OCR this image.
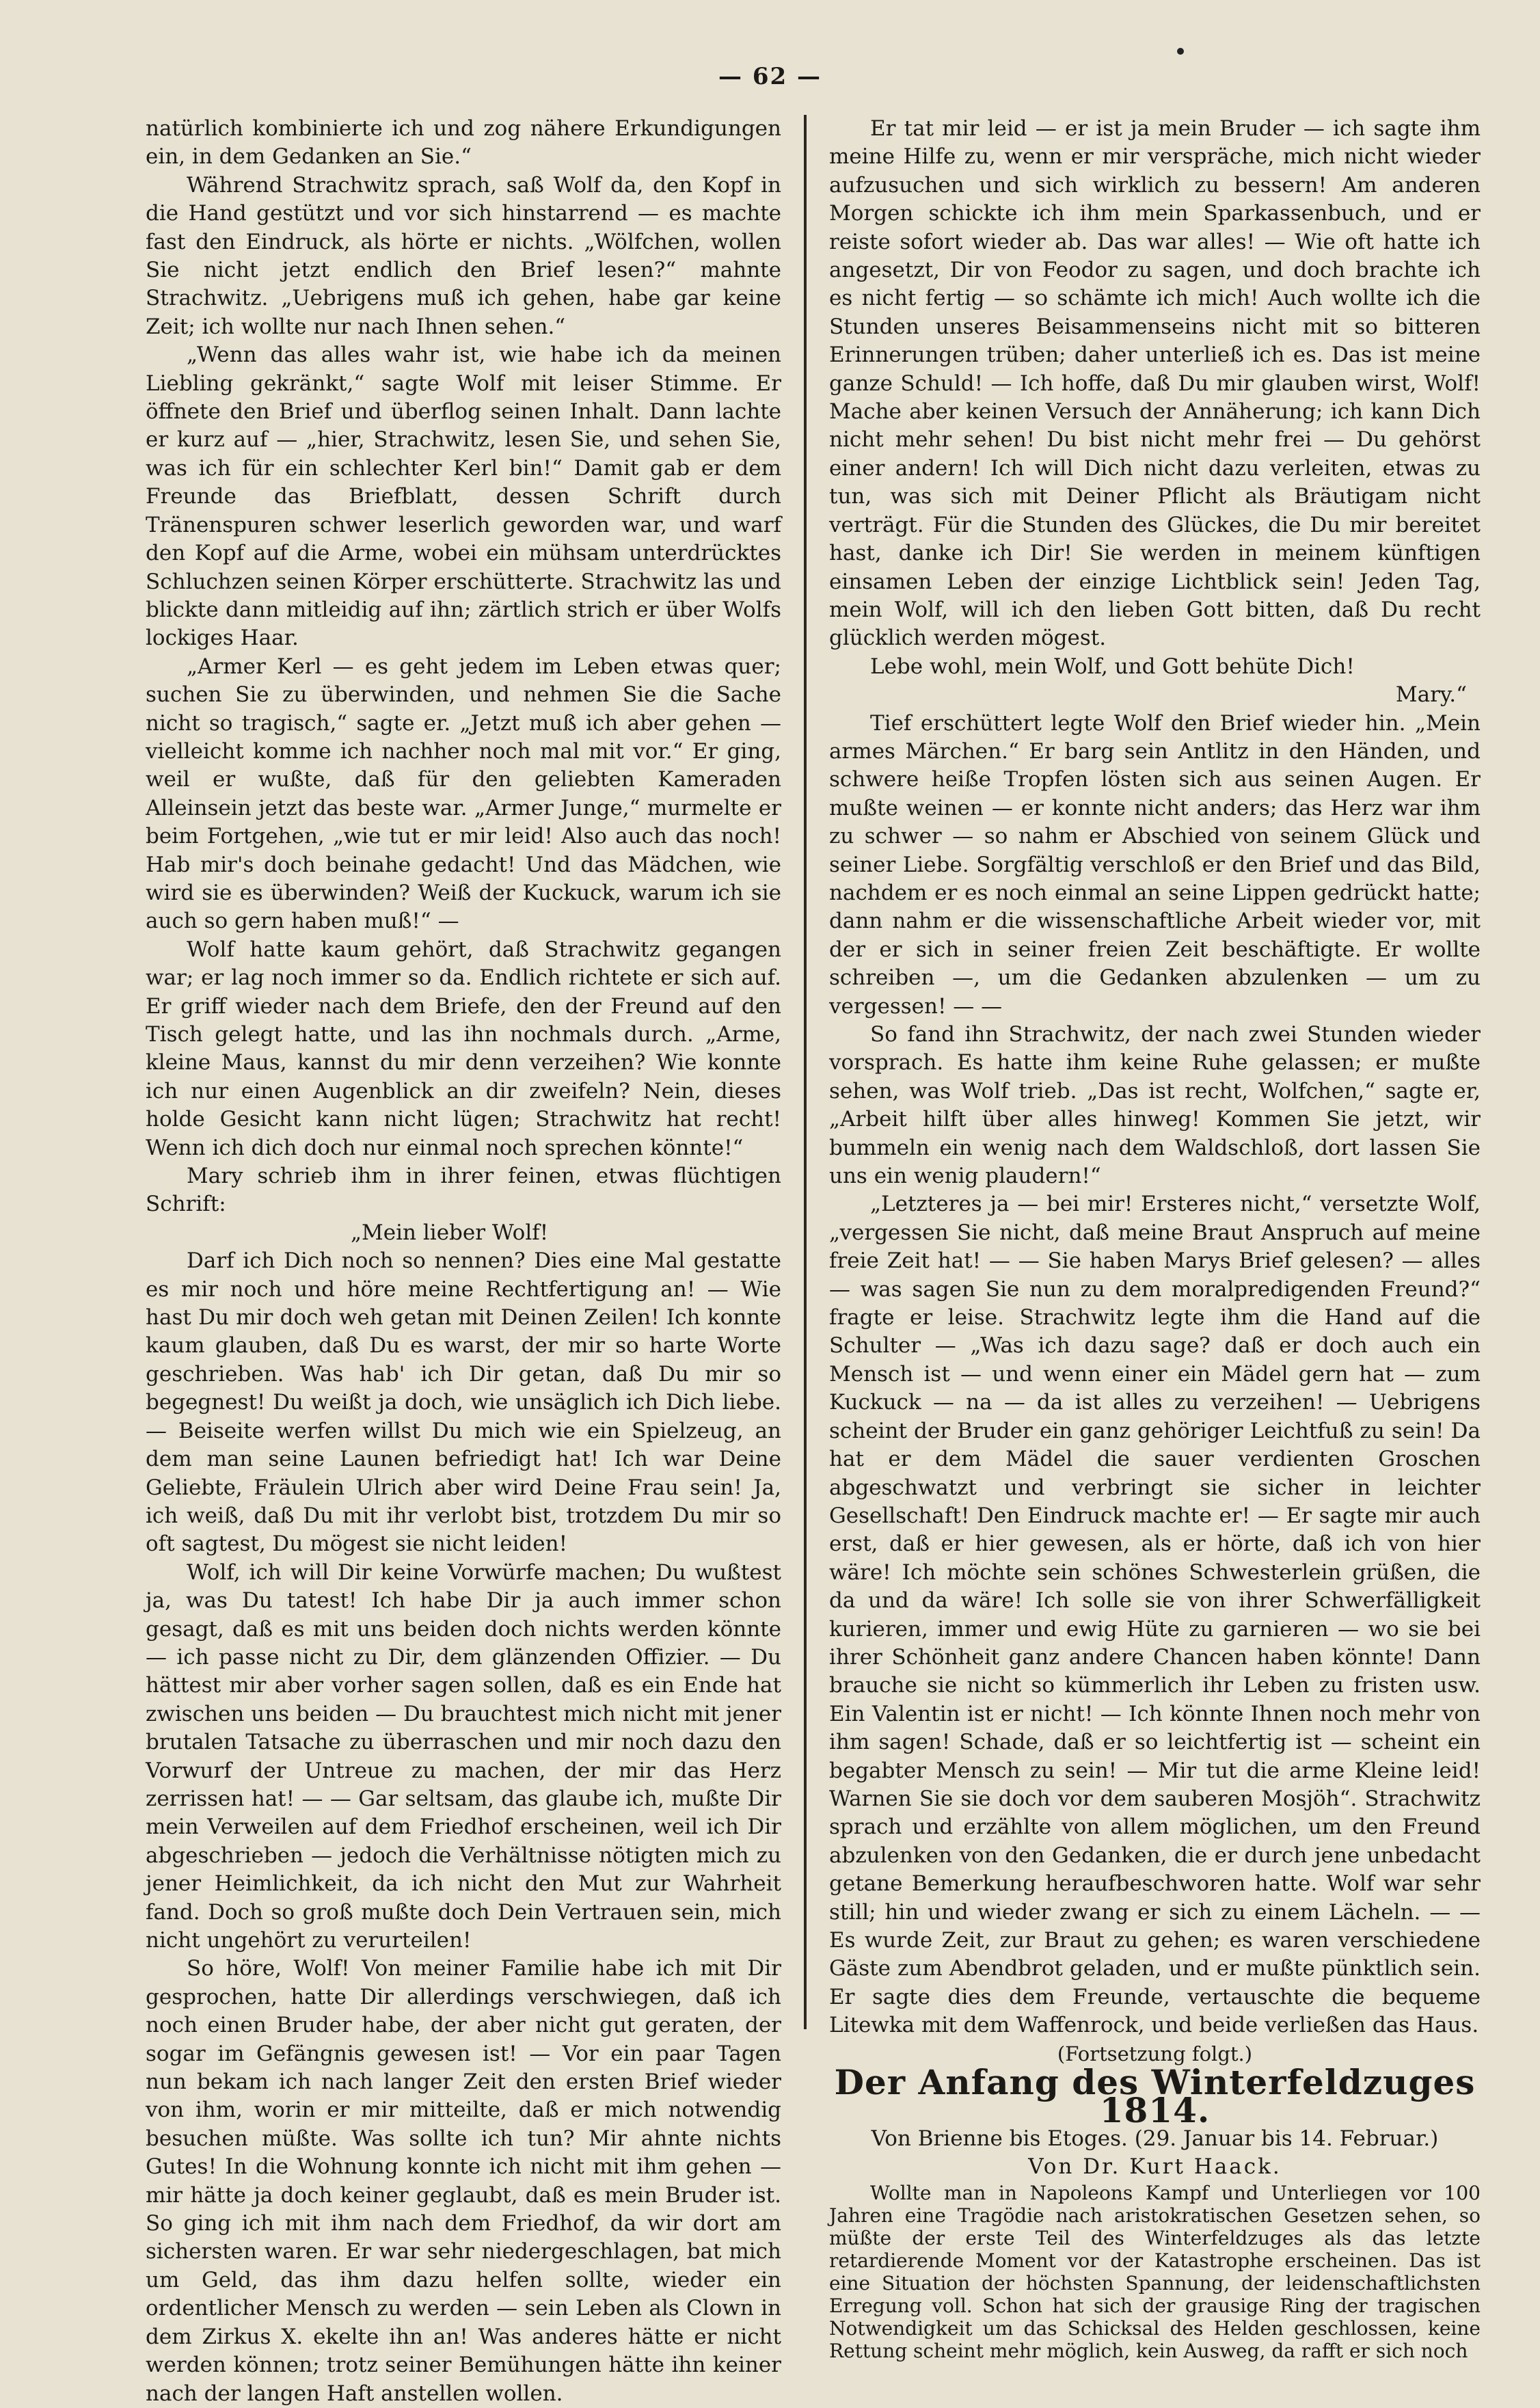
— 62 —

natürlich kombinierte ich und zog nähere Erkundigungen ein, in dem Gedanken an Sie.“

Während Strachwitz sprach, saß Wolf da, den Kopf in die Hand gestützt und vor sich hinstarrend — es machte fast den Eindruck, als hörte er nichts. „Wölfchen, wollen Sie nicht jetzt endlich den Brief lesen?“ mahnte Strachwitz. „Uebrigens muß ich gehen, habe gar keine Zeit; ich wollte nur nach Ihnen sehen.“

„Wenn das alles wahr ist, wie habe ich da meinen Liebling gekränkt,“ sagte Wolf mit leiser Stimme. Er öffnete den Brief und überflog seinen Inhalt. Dann lachte er kurz auf — „hier, Strachwitz, lesen Sie, und sehen Sie, was ich für ein schlechter Kerl bin!“ Damit gab er dem Freunde das Briefblatt, dessen Schrift durch Tränenspuren schwer leserlich geworden war, und warf den Kopf auf die Arme, wobei ein mühsam unterdrücktes Schluchzen seinen Körper erschütterte. Strachwitz las und blickte dann mitleidig auf ihn; zärtlich strich er über Wolfs lockiges Haar.

„Armer Kerl — es geht jedem im Leben etwas quer; suchen Sie zu überwinden, und nehmen Sie die Sache nicht so tragisch,“ sagte er. „Jetzt muß ich aber gehen — vielleicht komme ich nachher noch mal mit vor.“ Er ging, weil er wußte, daß für den geliebten Kameraden Alleinsein jetzt das beste war. „Armer Junge,“ murmelte er beim Fortgehen, „wie tut er mir leid! Also auch das noch! Hab mir's doch beinahe gedacht! Und das Mädchen, wie wird sie es überwinden? Weiß der Kuckuck, warum ich sie auch so gern haben muß!“ —

Wolf hatte kaum gehört, daß Strachwitz gegangen war; er lag noch immer so da. Endlich richtete er sich auf. Er griff wieder nach dem Briefe, den der Freund auf den Tisch gelegt hatte, und las ihn nochmals durch. „Arme, kleine Maus, kannst du mir denn verzeihen? Wie konnte ich nur einen Augenblick an dir zweifeln? Nein, dieses holde Gesicht kann nicht lügen; Strachwitz hat recht! Wenn ich dich doch nur einmal noch sprechen könnte!“

Mary schrieb ihm in ihrer feinen, etwas flüchtigen Schrift:

„Mein lieber Wolf!

Darf ich Dich noch so nennen? Dies eine Mal gestatte es mir noch und höre meine Rechtfertigung an! — Wie hast Du mir doch weh getan mit Deinen Zeilen! Ich konnte kaum glauben, daß Du es warst, der mir so harte Worte geschrieben. Was hab' ich Dir getan, daß Du mir so begegnest! Du weißt ja doch, wie unsäglich ich Dich liebe. — Beiseite werfen willst Du mich wie ein Spielzeug, an dem man seine Launen befriedigt hat! Ich war Deine Geliebte, Fräulein Ulrich aber wird Deine Frau sein! Ja, ich weiß, daß Du mit ihr verlobt bist, trotzdem Du mir so oft sagtest, Du mögest sie nicht leiden!

Wolf, ich will Dir keine Vorwürfe machen; Du wußtest ja, was Du tatest! Ich habe Dir ja auch immer schon gesagt, daß es mit uns beiden doch nichts werden könnte — ich passe nicht zu Dir, dem glänzenden Offizier. — Du hättest mir aber vorher sagen sollen, daß es ein Ende hat zwischen uns beiden — Du brauchtest mich nicht mit jener brutalen Tatsache zu überraschen und mir noch dazu den Vorwurf der Untreue zu machen, der mir das Herz zerrissen hat! — — Gar seltsam, das glaube ich, mußte Dir mein Verweilen auf dem Friedhof erscheinen, weil ich Dir abgeschrieben — jedoch die Verhältnisse nötigten mich zu jener Heimlichkeit, da ich nicht den Mut zur Wahrheit fand. Doch so groß mußte doch Dein Vertrauen sein, mich nicht ungehört zu verurteilen!

So höre, Wolf! Von meiner Familie habe ich mit Dir gesprochen, hatte Dir allerdings verschwiegen, daß ich noch einen Bruder habe, der aber nicht gut geraten, der sogar im Gefängnis gewesen ist! — Vor ein paar Tagen nun bekam ich nach langer Zeit den ersten Brief wieder von ihm, worin er mir mitteilte, daß er mich notwendig besuchen müßte. Was sollte ich tun? Mir ahnte nichts Gutes! In die Wohnung konnte ich nicht mit ihm gehen — mir hätte ja doch keiner geglaubt, daß es mein Bruder ist. So ging ich mit ihm nach dem Friedhof, da wir dort am sichersten waren. Er war sehr niedergeschlagen, bat mich um Geld, das ihm dazu helfen sollte, wieder ein ordentlicher Mensch zu werden — sein Leben als Clown in dem Zirkus X. ekelte ihn an! Was anderes hätte er nicht werden können; trotz seiner Bemühungen hätte ihn keiner nach der langen Haft anstellen wollen.

Er tat mir leid — er ist ja mein Bruder — ich sagte ihm meine Hilfe zu, wenn er mir verspräche, mich nicht wieder aufzusuchen und sich wirklich zu bessern! Am anderen Morgen schickte ich ihm mein Sparkassenbuch, und er reiste sofort wieder ab. Das war alles! — Wie oft hatte ich angesetzt, Dir von Feodor zu sagen, und doch brachte ich es nicht fertig — so schämte ich mich! Auch wollte ich die Stunden unseres Beisammenseins nicht mit so bitteren Erinnerungen trüben; daher unterließ ich es. Das ist meine ganze Schuld! — Ich hoffe, daß Du mir glauben wirst, Wolf! Mache aber keinen Versuch der Annäherung; ich kann Dich nicht mehr sehen! Du bist nicht mehr frei — Du gehörst einer andern! Ich will Dich nicht dazu verleiten, etwas zu tun, was sich mit Deiner Pflicht als Bräutigam nicht verträgt. Für die Stunden des Glückes, die Du mir bereitet hast, danke ich Dir! Sie werden in meinem künftigen einsamen Leben der einzige Lichtblick sein! Jeden Tag, mein Wolf, will ich den lieben Gott bitten, daß Du recht glücklich werden mögest.

Lebe wohl, mein Wolf, und Gott behüte Dich!

Mary.“

Tief erschüttert legte Wolf den Brief wieder hin. „Mein armes Märchen.“ Er barg sein Antlitz in den Händen, und schwere heiße Tropfen lösten sich aus seinen Augen. Er mußte weinen — er konnte nicht anders; das Herz war ihm zu schwer — so nahm er Abschied von seinem Glück und seiner Liebe. Sorgfältig verschloß er den Brief und das Bild, nachdem er es noch einmal an seine Lippen gedrückt hatte; dann nahm er die wissenschaftliche Arbeit wieder vor, mit der er sich in seiner freien Zeit beschäftigte. Er wollte schreiben —, um die Gedanken abzulenken — um zu vergessen! — —

So fand ihn Strachwitz, der nach zwei Stunden wieder vorsprach. Es hatte ihm keine Ruhe gelassen; er mußte sehen, was Wolf trieb. „Das ist recht, Wolfchen,“ sagte er, „Arbeit hilft über alles hinweg! Kommen Sie jetzt, wir bummeln ein wenig nach dem Waldschloß, dort lassen Sie uns ein wenig plaudern!“

„Letzteres ja — bei mir! Ersteres nicht,“ versetzte Wolf, „vergessen Sie nicht, daß meine Braut Anspruch auf meine freie Zeit hat! — — Sie haben Marys Brief gelesen? — alles — was sagen Sie nun zu dem moralpredigenden Freund?“ fragte er leise. Strachwitz legte ihm die Hand auf die Schulter — „Was ich dazu sage? daß er doch auch ein Mensch ist — und wenn einer ein Mädel gern hat — zum Kuckuck — na — da ist alles zu verzeihen! — Uebrigens scheint der Bruder ein ganz gehöriger Leichtfuß zu sein! Da hat er dem Mädel die sauer verdienten Groschen abgeschwatzt und verbringt sie sicher in leichter Gesellschaft! Den Eindruck machte er! — Er sagte mir auch erst, daß er hier gewesen, als er hörte, daß ich von hier wäre! Ich möchte sein schönes Schwesterlein grüßen, die da und da wäre! Ich solle sie von ihrer Schwerfälligkeit kurieren, immer und ewig Hüte zu garnieren — wo sie bei ihrer Schönheit ganz andere Chancen haben könnte! Dann brauche sie nicht so kümmerlich ihr Leben zu fristen usw. Ein Valentin ist er nicht! — Ich könnte Ihnen noch mehr von ihm sagen! Schade, daß er so leichtfertig ist — scheint ein begabter Mensch zu sein! — Mir tut die arme Kleine leid! Warnen Sie sie doch vor dem sauberen Mosjöh“. Strachwitz sprach und erzählte von allem möglichen, um den Freund abzulenken von den Gedanken, die er durch jene unbedacht getane Bemerkung heraufbeschworen hatte. Wolf war sehr still; hin und wieder zwang er sich zu einem Lächeln. — — Es wurde Zeit, zur Braut zu gehen; es waren verschiedene Gäste zum Abendbrot geladen, und er mußte pünktlich sein. Er sagte dies dem Freunde, vertauschte die bequeme Litewka mit dem Waffenrock, und beide verließen das Haus.

(Fortsetzung folgt.)

Der Anfang des Winterfeldzuges 1814.

Von Brienne bis Etoges. (29. Januar bis 14. Februar.)

Von Dr. Kurt Haack.

Wollte man in Napoleons Kampf und Unterliegen vor 100 Jahren eine Tragödie nach aristokratischen Gesetzen sehen, so müßte der erste Teil des Winterfeldzuges als das letzte retardierende Moment vor der Katastrophe erscheinen. Das ist eine Situation der höchsten Spannung, der leidenschaftlichsten Erregung voll. Schon hat sich der grausige Ring der tragischen Notwendigkeit um das Schicksal des Helden geschlossen, keine Rettung scheint mehr möglich, kein Ausweg, da rafft er sich noch
